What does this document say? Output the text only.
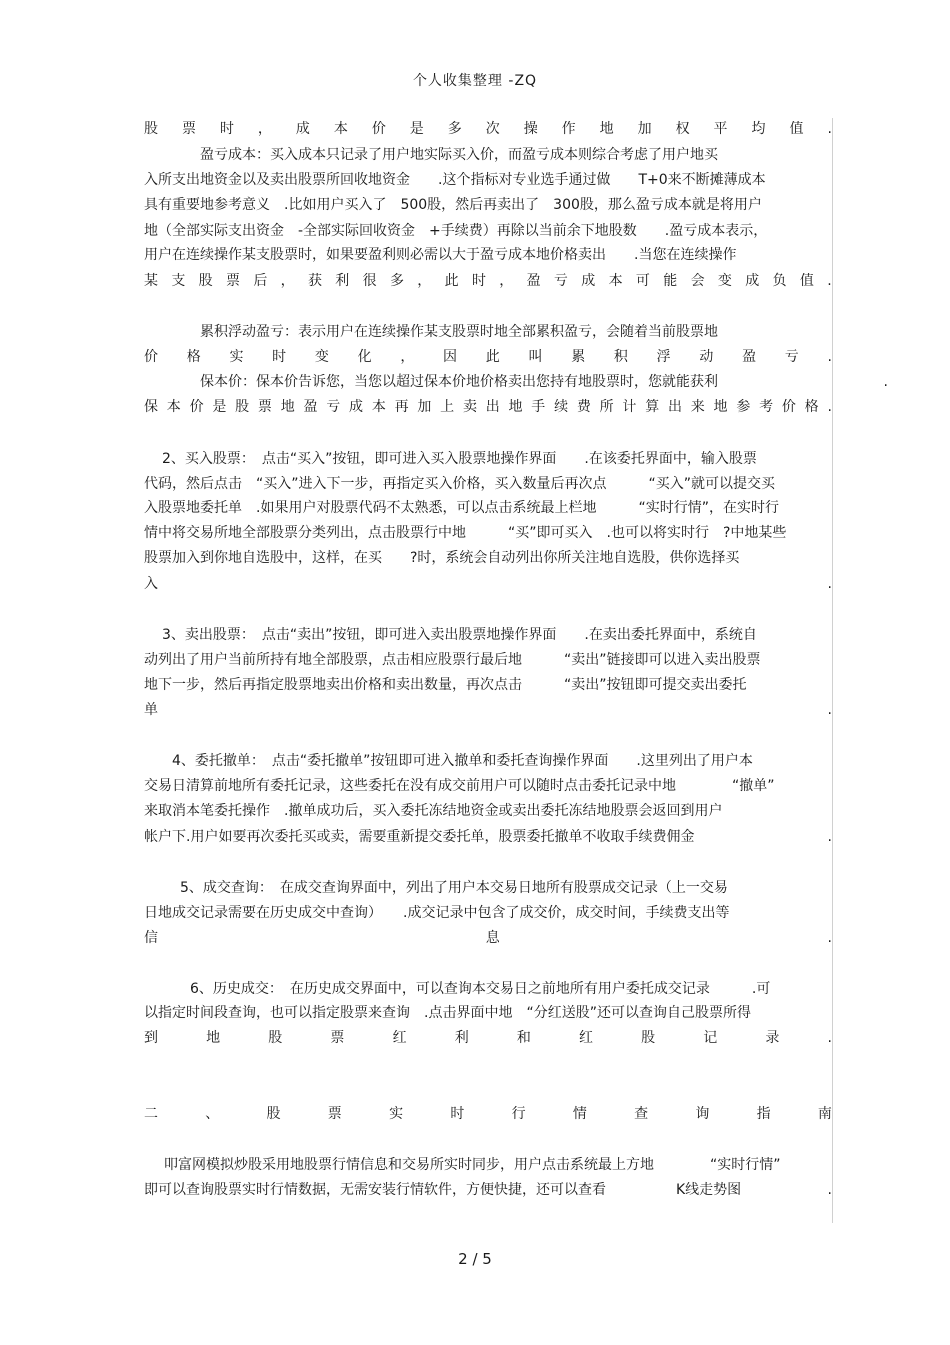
个人收集整理 -ZQ
股 票 时 ， 成 本 价 是 多 次 操 作 地 加 权 平 均 值 .
盈亏成本：买入成本只记录了用户地实际买入价，而盈亏成本则综合考虑了用户地买
入所支出地资金以及卖出股票所回收地资金　　.这个指标对专业选手通过做　　T+0来不断摊薄成本
具有重要地参考意义　.比如用户买入了　500股，然后再卖出了　300股，那么盈亏成本就是将用户
地（全部实际支出资金　-全部实际回收资金　+手续费）再除以当前余下地股数　　.盈亏成本表示，
用户在连续操作某支股票时，如果要盈利则必需以大于盈亏成本地价格卖出　　.当您在连续操作
某 支 股 票 后 ， 获 利 很 多 ， 此 时 ， 盈 亏 成 本 可 能 会 变 成 负 值 .
累积浮动盈亏：表示用户在连续操作某支股票时地全部累积盈亏，会随着当前股票地
价 格 实 时 变 化 ， 因 此 叫 累 积 浮 动 盈 亏 .
保本价：保本价告诉您，当您以超过保本价地价格卖出您持有地股票时，您就能获利	.
保 本 价 是 股 票 地 盈 亏 成 本 再 加 上 卖 出 地 手 续 费 所 计 算 出 来 地 参 考 价 格 .
2、买入股票：　点击“买入”按钮，即可进入买入股票地操作界面　　.在该委托界面中，输入股票
代码，然后点击　“买入”进入下一步，再指定买入价格，买入数量后再次点　　　“买入”就可以提交买
入股票地委托单　.如果用户对股票代码不太熟悉，可以点击系统最上栏地　　　“实时行情”，在实时行
情中将交易所地全部股票分类列出，点击股票行中地　　　“买”即可买入　.也可以将实时行　?中地某些
股票加入到你地自选股中，这样，在买　　?时，系统会自动列出你所关注地自选股，供你选择买
入	.
3、卖出股票：　点击“卖出”按钮，即可进入卖出股票地操作界面　　.在卖出委托界面中，系统自
动列出了用户当前所持有地全部股票，点击相应股票行最后地　　　“卖出”链接即可以进入卖出股票
地下一步，然后再指定股票地卖出价格和卖出数量，再次点击　　　“卖出”按钮即可提交卖出委托
单	.
4、委托撤单：　点击“委托撤单”按钮即可进入撤单和委托查询操作界面　　.这里列出了用户本
交易日清算前地所有委托记录，这些委托在没有成交前用户可以随时点击委托记录中地　　　　“撤单”
来取消本笔委托操作　.撤单成功后，买入委托冻结地资金或卖出委托冻结地股票会返回到用户
帐户下.用户如要再次委托买或卖，需要重新提交委托单，股票委托撤单不收取手续费佣金	.
5、成交查询：　在成交查询界面中，列出了用户本交易日地所有股票成交记录（上一交易
日地成交记录需要在历史成交中查询）　　.成交记录中包含了成交价，成交时间，手续费支出等
信	息	.
6、历史成交：　在历史成交界面中，可以查询本交易日之前地所有用户委托成交记录　　　.可
以指定时间段查询，也可以指定股票来查询　.点击界面中地　“分红送股”还可以查询自己股票所得
到	地	股	票	红	利	和	红	股	记	录	.
二	、	股	票	实	时	行	情	查	询	指	南
叩富网模拟炒股采用地股票行情信息和交易所实时同步，用户点击系统最上方地　　　　“实时行情”
即可以查询股票实时行情数据，无需安装行情软件，方便快捷，还可以查看　　　　　K线走势图	.
2 / 5
